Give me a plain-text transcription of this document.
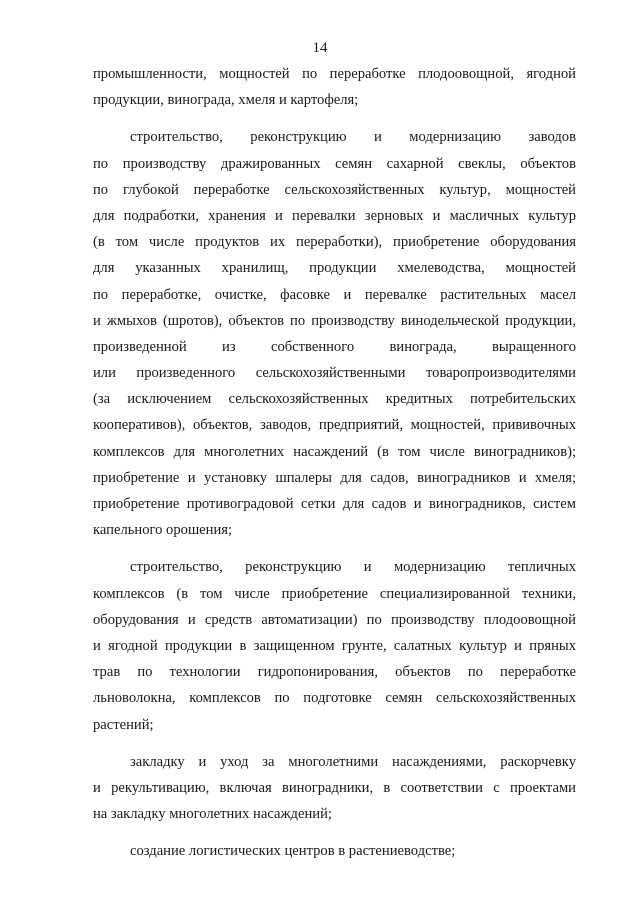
14
промышленности, мощностей по переработке плодоовощной, ягодной
продукции, винограда, хмеля и картофеля;
строительство, реконструкцию и модернизацию заводов
по производству дражированных семян сахарной свеклы, объектов
по глубокой переработке сельскохозяйственных культур, мощностей
для подработки, хранения и перевалки зерновых и масличных культур
(в том числе продуктов их переработки), приобретение оборудования
для указанных хранилищ, продукции хмелеводства, мощностей
по переработке, очистке, фасовке и перевалке растительных масел
и жмыхов (шротов), объектов по производству винодельческой продукции,
произведенной из собственного винограда, выращенного
или произведенного сельскохозяйственными товаропроизводителями
(за исключением сельскохозяйственных кредитных потребительских
кооперативов), объектов, заводов, предприятий, мощностей, прививочных
комплексов для многолетних насаждений (в том числе виноградников);
приобретение и установку шпалеры для садов, виноградников и хмеля;
приобретение противоградовой сетки для садов и виноградников, систем
капельного орошения;
строительство, реконструкцию и модернизацию тепличных
комплексов (в том числе приобретение специализированной техники,
оборудования и средств автоматизации) по производству плодоовощной
и ягодной продукции в защищенном грунте, салатных культур и пряных
трав по технологии гидропонирования, объектов по переработке
льноволокна, комплексов по подготовке семян сельскохозяйственных
растений;
закладку и уход за многолетними насаждениями, раскорчевку
и рекультивацию, включая виноградники, в соответствии с проектами
на закладку многолетних насаждений;
создание логистических центров в растениеводстве;
